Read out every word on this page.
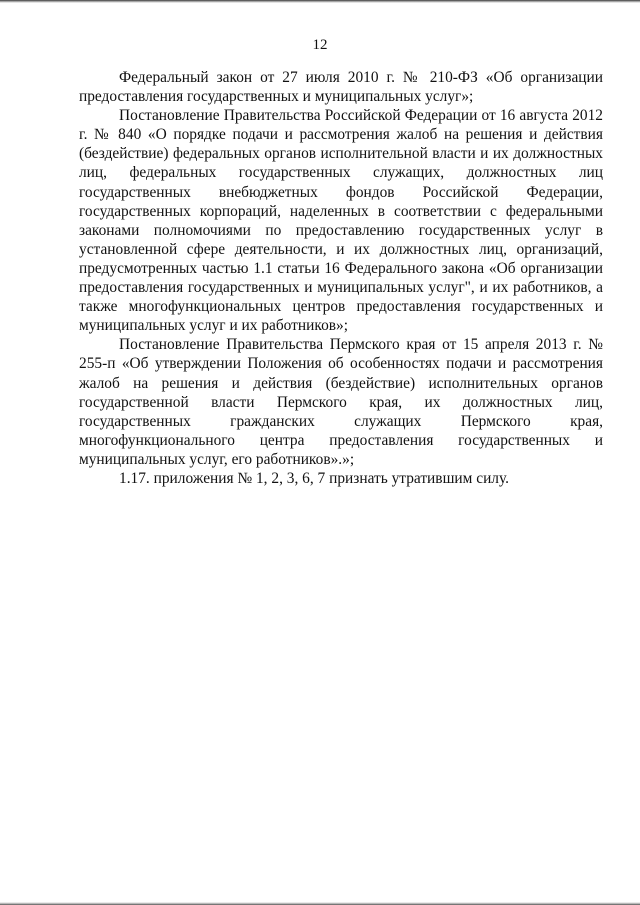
12

Федеральный закон от 27 июля 2010 г. № 210-ФЗ «Об организации предоставления государственных и муниципальных услуг»;

Постановление Правительства Российской Федерации от 16 августа 2012 г. № 840 «О порядке подачи и рассмотрения жалоб на решения и действия (бездействие) федеральных органов исполнительной власти и их должностных лиц, федеральных государственных служащих, должностных лиц государственных внебюджетных фондов Российской Федерации, государственных корпораций, наделенных в соответствии с федеральными законами полномочиями по предоставлению государственных услуг в установленной сфере деятельности, и их должностных лиц, организаций, предусмотренных частью 1.1 статьи 16 Федерального закона «Об организации предоставления государственных и муниципальных услуг", и их работников, а также многофункциональных центров предоставления государственных и муниципальных услуг и их работников»;

Постановление Правительства Пермского края от 15 апреля 2013 г. № 255-п «Об утверждении Положения об особенностях подачи и рассмотрения жалоб на решения и действия (бездействие) исполнительных органов государственной власти Пермского края, их должностных лиц, государственных гражданских служащих Пермского края, многофункционального центра предоставления государственных и муниципальных услуг, его работников».»;

1.17. приложения № 1, 2, 3, 6, 7 признать утратившим силу.
